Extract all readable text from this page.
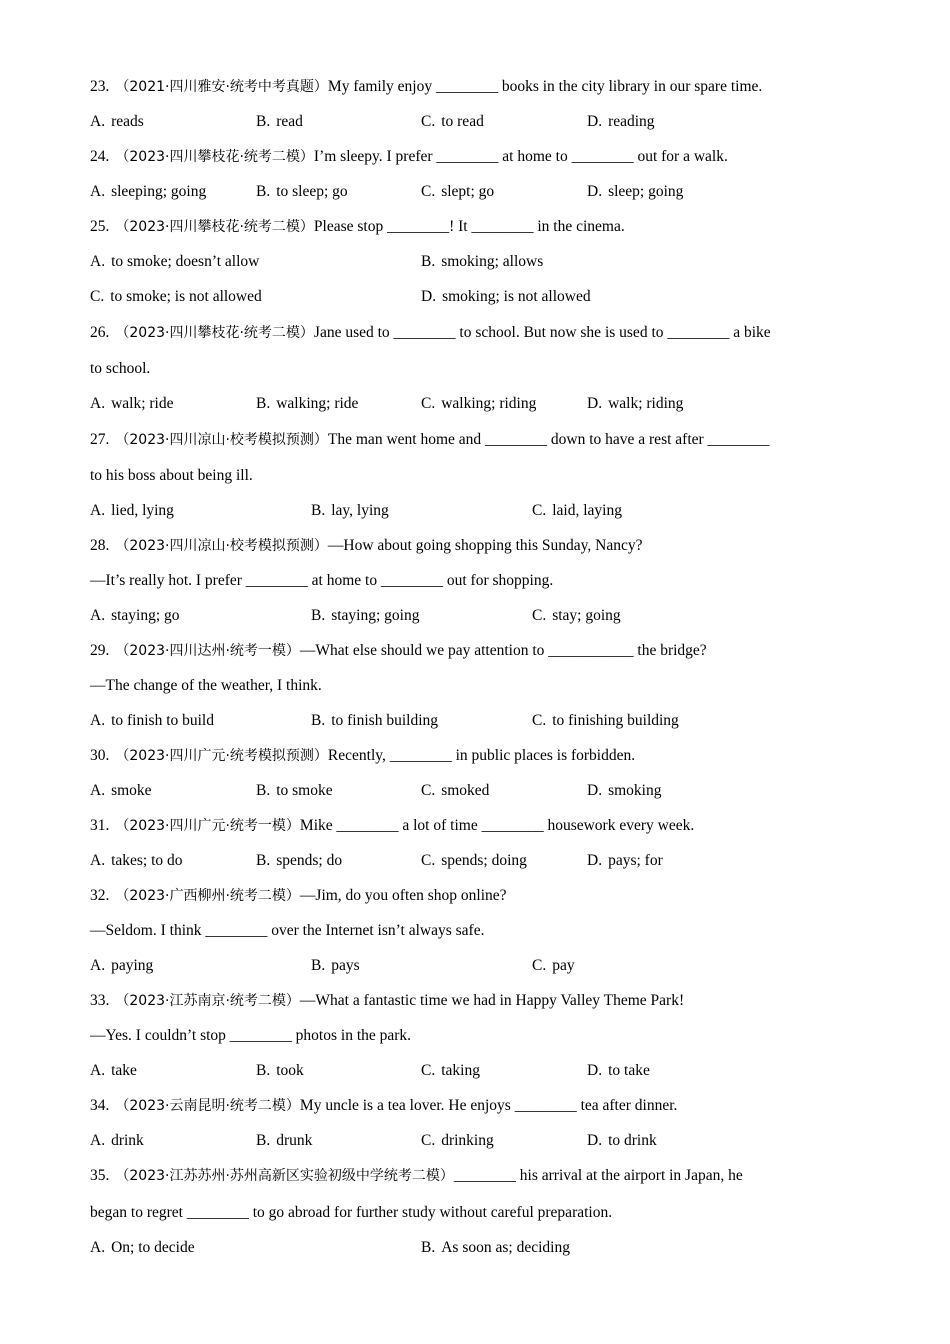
23. （2021·四川雅安·统考中考真题）My family enjoy ________ books in the city library in our spare time.
A. reads	B. read	C. to read	D. reading
24. （2023·四川攀枝花·统考二模）I’m sleepy. I prefer ________ at home to ________ out for a walk.
A. sleeping; going	B. to sleep; go	C. slept; go	D. sleep; going
25. （2023·四川攀枝花·统考二模）Please stop ________! It ________ in the cinema.
A. to smoke; doesn’t allow	B. smoking; allows
C. to smoke; is not allowed	D. smoking; is not allowed
26. （2023·四川攀枝花·统考二模）Jane used to ________ to school. But now she is used to ________ a bike
to school.
A. walk; ride	B. walking; ride	C. walking; riding	D. walk; riding
27. （2023·四川凉山·校考模拟预测）The man went home and ________ down to have a rest after ________
to his boss about being ill.
A. lied, lying	B. lay, lying	C. laid, laying
28. （2023·四川凉山·校考模拟预测）—How about going shopping this Sunday, Nancy?
—It’s really hot. I prefer ________ at home to ________ out for shopping.
A. staying; go	B. staying; going	C. stay; going
29. （2023·四川达州·统考一模）—What else should we pay attention to ___________ the bridge?
—The change of the weather, I think.
A. to finish to build	B. to finish building	C. to finishing building
30. （2023·四川广元·统考模拟预测）Recently, ________ in public places is forbidden.
A. smoke	B. to smoke	C. smoked	D. smoking
31. （2023·四川广元·统考一模）Mike ________ a lot of time ________ housework every week.
A. takes; to do	B. spends; do	C. spends; doing	D. pays; for
32. （2023·广西柳州·统考二模）—Jim, do you often shop online?
—Seldom. I think ________ over the Internet isn’t always safe.
A. paying	B. pays	C. pay
33. （2023·江苏南京·统考二模）—What a fantastic time we had in Happy Valley Theme Park!
—Yes. I couldn’t stop ________ photos in the park.
A. take	B. took	C. taking	D. to take
34. （2023·云南昆明·统考二模）My uncle is a tea lover. He enjoys ________ tea after dinner.
A. drink	B. drunk	C. drinking	D. to drink
35. （2023·江苏苏州·苏州高新区实验初级中学统考二模）________ his arrival at the airport in Japan, he
began to regret ________ to go abroad for further study without careful preparation.
A. On; to decide	B. As soon as; deciding
